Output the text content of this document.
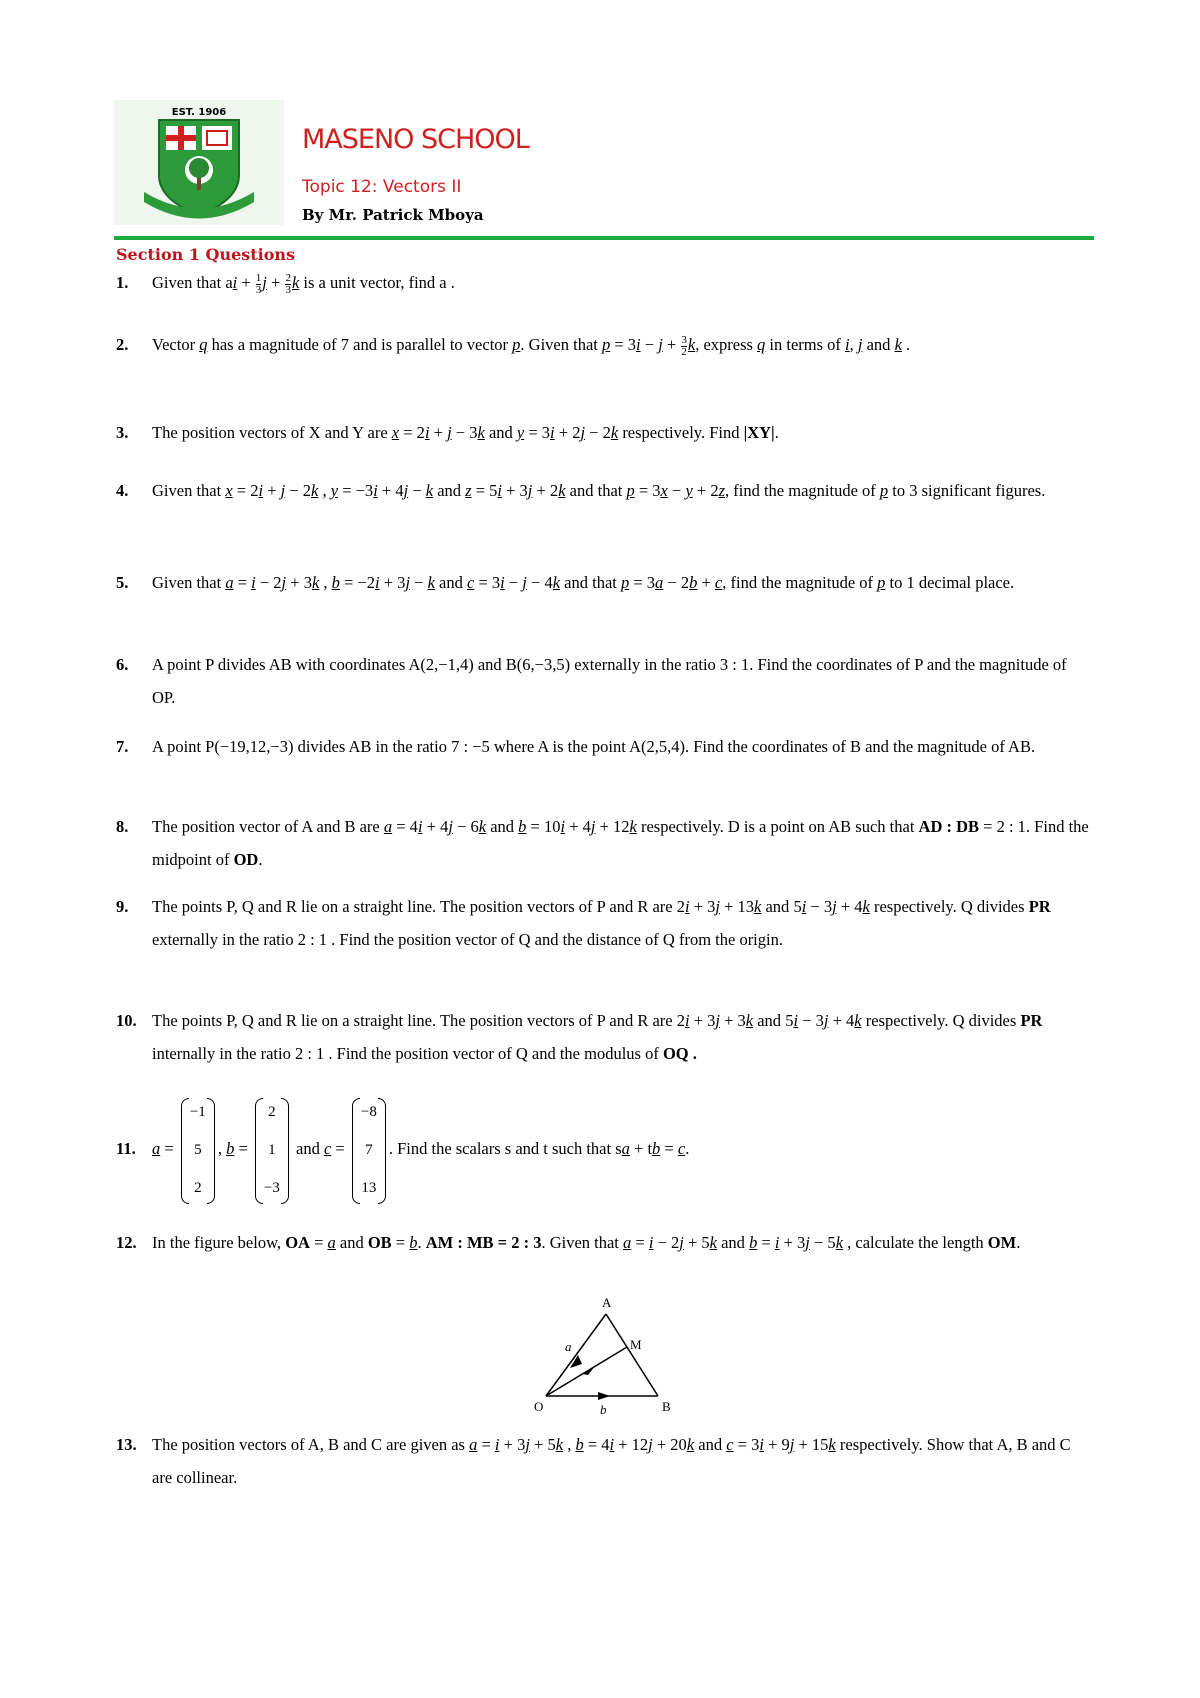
EST. 1906
MASENO SCHOOL
Topic 12: Vectors II
By Mr. Patrick Mboya
Section 1 Questions
1. Given that ai + $\frac{1}{3}$ $j + \frac{2}{3}$ k is a unit vector, find a .
2. Vector q has a magnitude of 7 and is parallel to vector p. Given that $p = 3i - j + \frac{3}{2} k$, express q in terms of i, j and k .
3. The position vectors of X and Y are x = 2i + j − 3k and y = 3i + 2j − 2k respectively. Find |XY|.
4. Given that x = 2i + j − 2k , y = −3i + 4j − k and z = 5i + 3j + 2k and that p = 3x − y + 2z, find the magnitude of p to 3 significant figures.
5. Given that a = i − 2j + 3k , b = −2i + 3j − k and c = 3i − j − 4k and that p = 3a − 2b + c, find the magnitude of p to 1 decimal place.
6. A point P divides AB with coordinates A(2,−1,4) and B(6,−3,5) externally in the ratio 3 : 1. Find the coordinates of P and the magnitude of OP.
7. A point P(−19,12,−3) divides AB in the ratio 7 : −5 where A is the point A(2,5,4). Find the coordinates of B and the magnitude of AB.
8. The position vector of A and B are a = 4i + 4j − 6k and b = 10i + 4j + 12k respectively. D is a point on AB such that AD : DB = 2 : 1. Find the midpoint of OD.
9. The points P, Q and R lie on a straight line. The position vectors of P and R are 2i + 3j + 13k and 5i − 3j + 4k respectively. Q divides PR externally in the ratio 2 : 1 . Find the position vector of Q and the distance of Q from the origin.
10. The points P, Q and R lie on a straight line. The position vectors of P and R are 2i + 3j + 3k and 5i − 3j + 4k respectively. Q divides PR internally in the ratio 2 : 1 . Find the position vector of Q and the modulus of OQ .
11. a =
−1
5
2
, b =
2
1
−3
and c =
−8
7
13
. Find the scalars s and t such that sa + tb = c.
12. In the figure below, OA = a and OB = b. AM : MB = 2 : 3. Given that a = i − 2j + 5k and b = i + 3j − 5k , calculate the length OM.
A
M
O	B
a
b
13. The position vectors of A, B and C are given as a = i + 3j + 5k , b = 4i + 12j + 20k and c = 3i + 9j + 15k respectively. Show that A, B and C are collinear.
